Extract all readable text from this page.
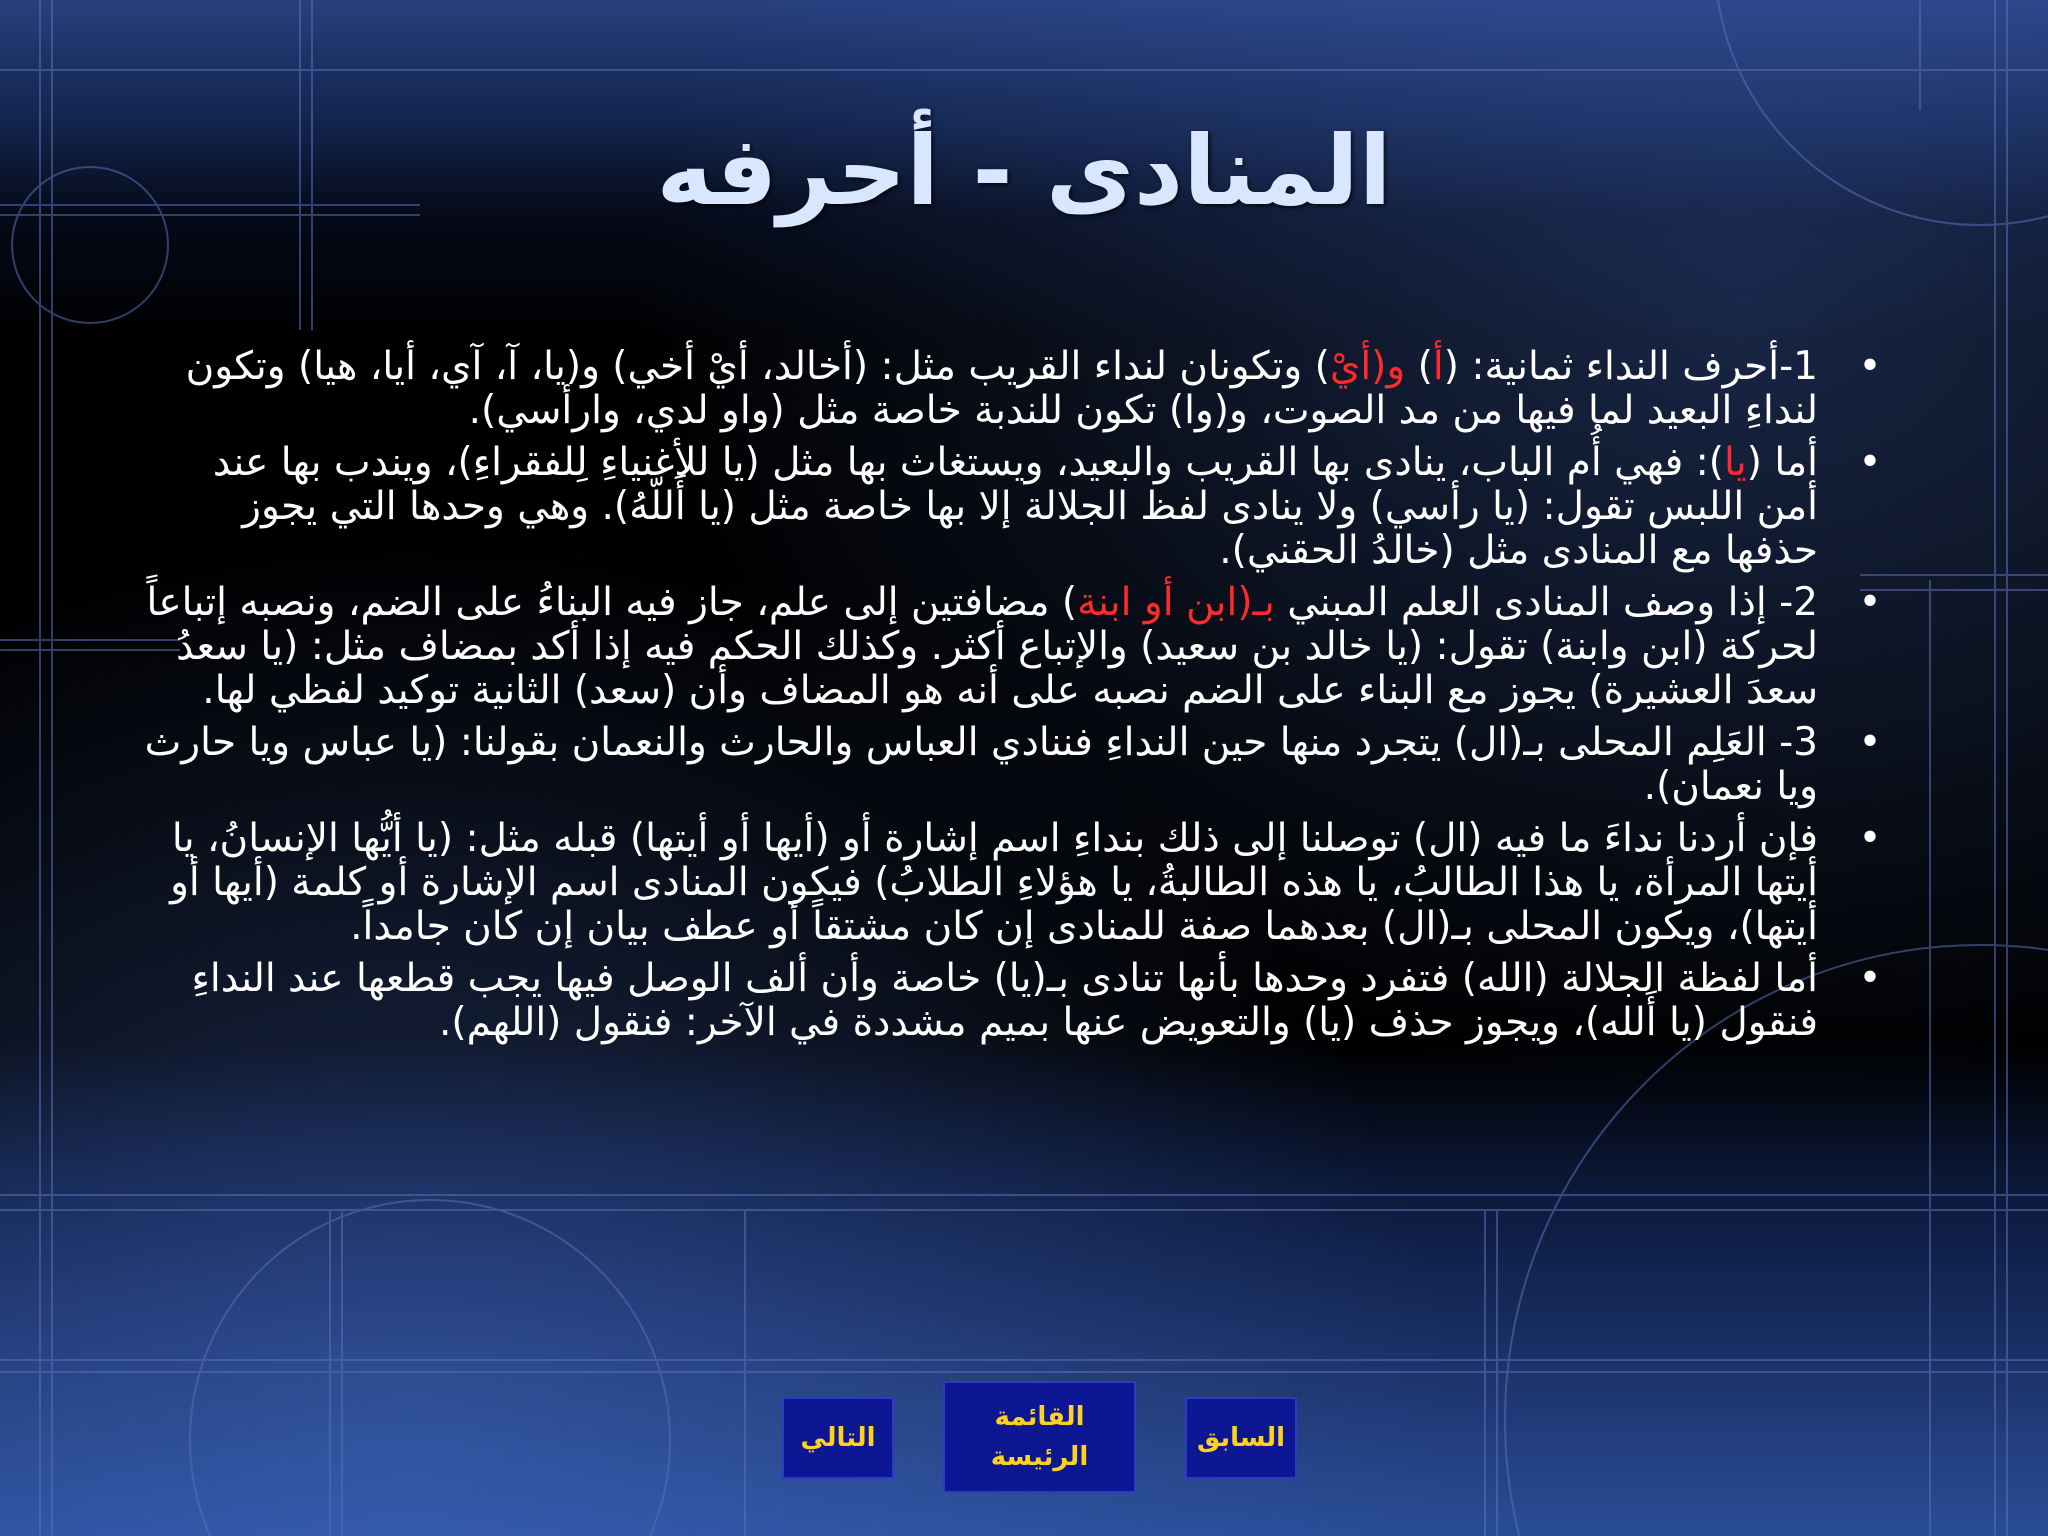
المنادى - أحرفه
•
1-أحرف النداء ثمانية: (أ) و(أيْ) وتكونان لنداء القريب مثل: (أخالد، أيْ أخي) و(يا، آ، آي، أيا، هيا) وتكون لنداءِ البعيد لما فيها من مد الصوت، و(وا) تكون للندبة خاصة مثل (واو لدي، وارأسي).
•
أما (يا): فهي أُم الباب، ينادى بها القريب والبعيد، ويستغاث بها مثل (يا للأغنياءِ لِلفقراءِ)، ويندب بها عند أمن اللبس تقول: (يا رأسي) ولا ينادى لفظ الجلالة إلا بها خاصة مثل (يا أَللّهُ). وهي وحدها التي يجوز حذفها مع المنادى مثل (خالدُ الحقني).
•
2- إذا وصف المنادى العلم المبني بـ(ابن أو ابنة) مضافتين إلى علم، جاز فيه البناءُ على الضم، ونصبه إتباعاً لحركة (ابن وابنة) تقول: (يا خالد بن سعيد) والإتباع أكثر. وكذلك الحكم فيه إذا أكد بمضاف مثل: (يا سعدُ سعدَ العشيرة) يجوز مع البناء على الضم نصبه على أنه هو المضاف وأن (سعد) الثانية توكيد لفظي لها.
•
3- العَلِم المحلى بـ(ال) يتجرد منها حين النداءِ فننادي العباس والحارث والنعمان بقولنا: (يا عباس ويا حارث ويا نعمان).
•
فإن أردنا نداءَ ما فيه (ال) توصلنا إلى ذلك بنداءِ اسم إشارة أو (أيها أو أيتها) قبله مثل: (يا أيُّها الإنسانُ، يا أيتها المرأة، يا هذا الطالبُ، يا هذه الطالبةُ، يا هؤلاءِ الطلابُ) فيكون المنادى اسم الإشارة أو كلمة (أيها أو أيتها)، ويكون المحلى بـ(ال) بعدهما صفة للمنادى إن كان مشتقاً أو عطف بيان إن كان جامداً.
•
أما لفظة الجلالة (الله) فتفرد وحدها بأنها تنادى بـ(يا) خاصة وأن ألف الوصل فيها يجب قطعها عند النداءِ فنقول (يا أَلله)، ويجوز حذف (يا) والتعويض عنها بميم مشددة في الآخر: فنقول (اللهم).
التالي
القائمة
الرئيسة
السابق
